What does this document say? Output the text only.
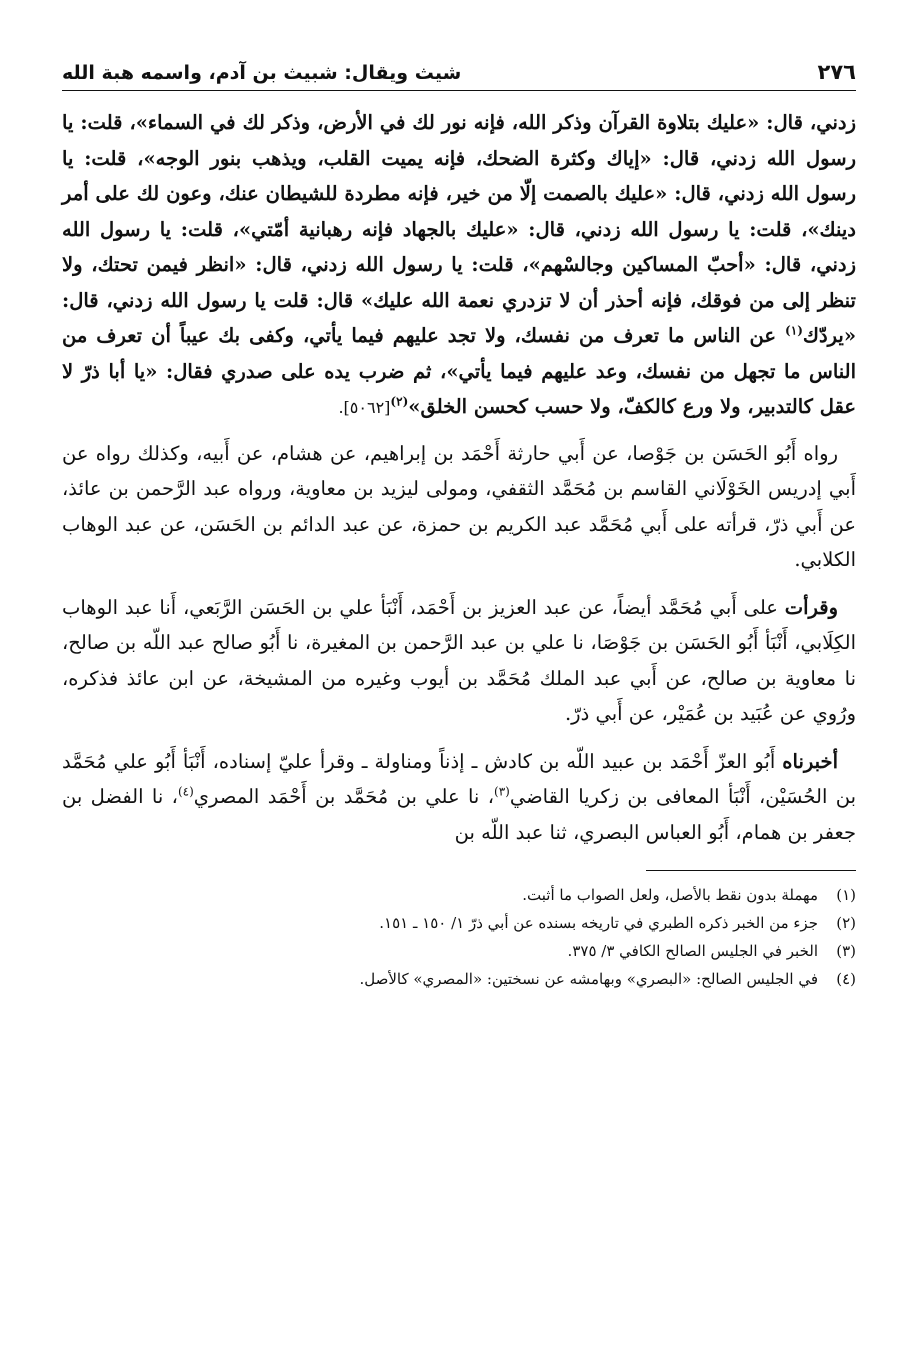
٢٧٦
شيث ويقال: شبيث بن آدم، واسمه هبة الله

زدني، قال: «عليك بتلاوة القرآن وذكر الله، فإنه نور لك في الأرض، وذكر لك في السماء»، قلت: يا رسول الله زدني، قال: «إياك وكثرة الضحك، فإنه يميت القلب، ويذهب بنور الوجه»، قلت: يا رسول الله زدني، قال: «عليك بالصمت إلّا من خير، فإنه مطردة للشيطان عنك، وعون لك على أمر دينك»، قلت: يا رسول الله زدني، قال: «عليك بالجهاد فإنه رهبانية أمّتي»، قلت: يا رسول الله زدني، قال: «أحبّ المساكين وجالسْهم»، قلت: يا رسول الله زدني، قال: «انظر فيمن تحتك، ولا تنظر إلى من فوقك، فإنه أحذر أن لا تزدري نعمة الله عليك» قال: قلت يا رسول الله زدني، قال: «يردّك$^{(١)}$ عن الناس ما تعرف من نفسك، ولا تجد عليهم فيما يأتي، وكفى بك عيباً أن تعرف من الناس ما تجهل من نفسك، وعد عليهم فيما يأتي»، ثم ضرب يده على صدري فقال: «يا أبا ذرّ لا عقل كالتدبير، ولا ورع كالكفّ، ولا حسب كحسن الخلق»$^{(٢)}$[٥٠٦٢].

رواه أَبُو الحَسَن بن جَوْصا، عن أَبي حارثة أَحْمَد بن إبراهيم، عن هشام، عن أَبيه، وكذلك رواه عن أَبي إدريس الخَوْلَاني القاسم بن مُحَمَّد الثقفي، ومولى ليزيد بن معاوية، ورواه عبد الرَّحمن بن عائذ، عن أَبي ذرّ، قرأته على أَبي مُحَمَّد عبد الكريم بن حمزة، عن عبد الدائم بن الحَسَن، عن عبد الوهاب الكلابي.

وقرأت على أَبي مُحَمَّد أيضاً، عن عبد العزيز بن أَحْمَد، أَنْبَأ علي بن الحَسَن الرَّبَعي، أَنا عبد الوهاب الكِلَابي، أَنْبَأ أَبُو الحَسَن بن جَوْصَا، نا علي بن عبد الرَّحمن بن المغيرة، نا أَبُو صالح عبد اللّه بن صالح، نا معاوية بن صالح، عن أَبي عبد الملك مُحَمَّد بن أيوب وغيره من المشيخة، عن ابن عائذ فذكره، ورُوي عن عُبَيد بن عُمَيْر، عن أَبي ذرّ.

أخبرناه أَبُو العزّ أَحْمَد بن عبيد اللّه بن كادش ـ إذناً ومناولة ـ وقرأ عليّ إسناده، أَنْبَأ أَبُو علي مُحَمَّد بن الحُسَيْن، أَنْبَأ المعافى بن زكريا القاضي$^{(٣)}$، نا علي بن مُحَمَّد بن أَحْمَد المصري$^{(٤)}$، نا الفضل بن جعفر بن همام، أَبُو العباس البصري، ثنا عبد اللّه بن

(١)
مهملة بدون نقط بالأصل، ولعل الصواب ما أثبت.
(٢)
جزء من الخبر ذكره الطبري في تاريخه بسنده عن أبي ذرّ ١/ ١٥٠ ـ ١٥١.
(٣)
الخبر في الجليس الصالح الكافي ٣/ ٣٧٥.
(٤)
في الجليس الصالح: «البصري» وبهامشه عن نسختين: «المصري» كالأصل.
